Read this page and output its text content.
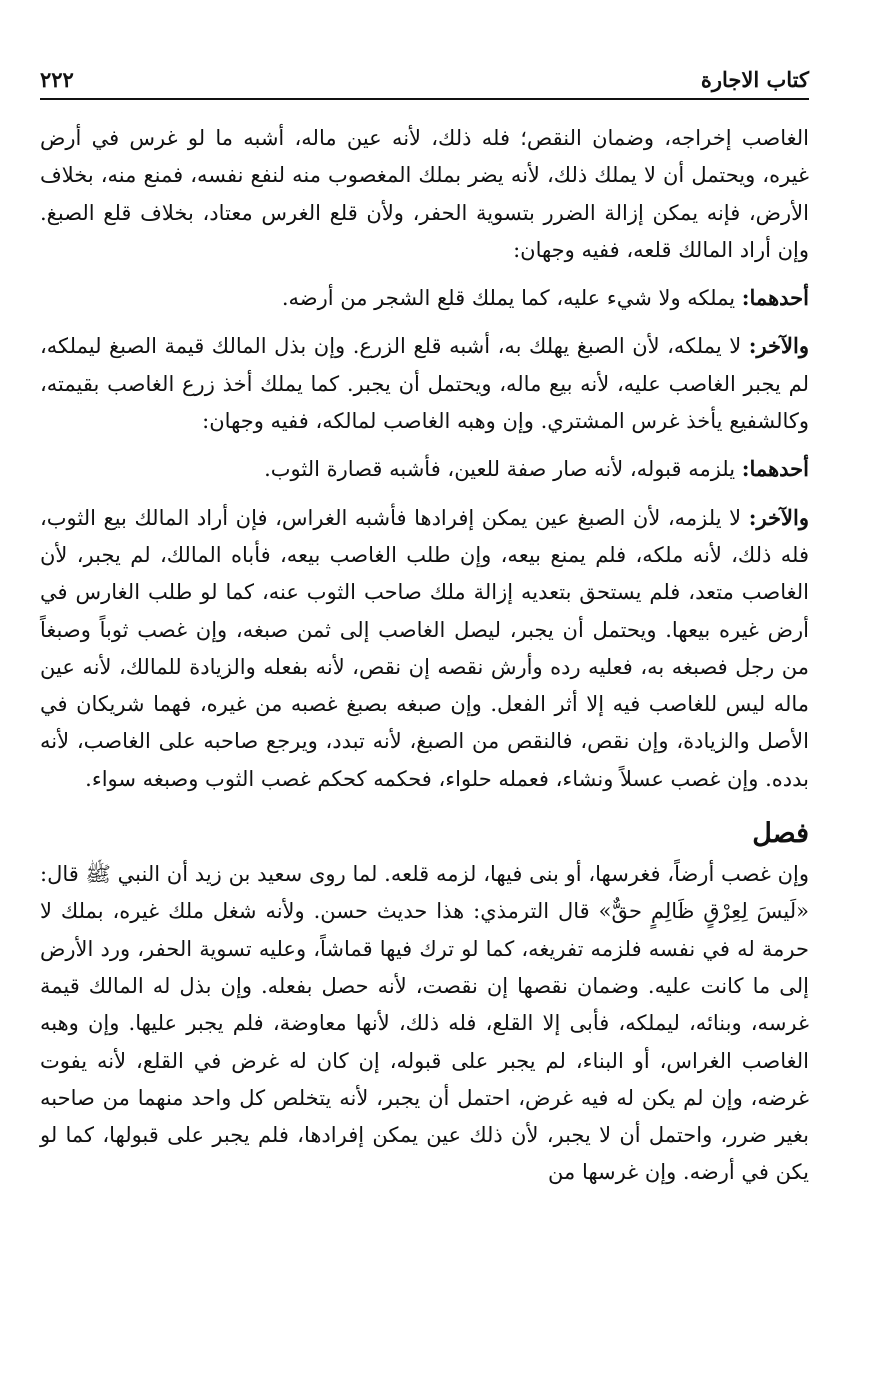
كتاب الاجارة
٢٢٢

الغاصب إخراجه، وضمان النقص؛ فله ذلك، لأنه عين ماله، أشبه ما لو غرس في أرض غيره، ويحتمل أن لا يملك ذلك، لأنه يضر بملك المغصوب منه لنفع نفسه، فمنع منه، بخلاف الأرض، فإنه يمكن إزالة الضرر بتسوية الحفر، ولأن قلع الغرس معتاد، بخلاف قلع الصبغ. وإن أراد المالك قلعه، ففيه وجهان:

أحدهما: يملكه ولا شيء عليه، كما يملك قلع الشجر من أرضه.

والآخر: لا يملكه، لأن الصبغ يهلك به، أشبه قلع الزرع. وإن بذل المالك قيمة الصبغ ليملكه، لم يجبر الغاصب عليه، لأنه بيع ماله، ويحتمل أن يجبر. كما يملك أخذ زرع الغاصب بقيمته، وكالشفيع يأخذ غرس المشتري. وإن وهبه الغاصب لمالكه، ففيه وجهان:

أحدهما: يلزمه قبوله، لأنه صار صفة للعين، فأشبه قصارة الثوب.

والآخر: لا يلزمه، لأن الصبغ عين يمكن إفرادها فأشبه الغراس، فإن أراد المالك بيع الثوب، فله ذلك، لأنه ملكه، فلم يمنع بيعه، وإن طلب الغاصب بيعه، فأباه المالك، لم يجبر، لأن الغاصب متعد، فلم يستحق بتعديه إزالة ملك صاحب الثوب عنه، كما لو طلب الغارس في أرض غيره بيعها. ويحتمل أن يجبر، ليصل الغاصب إلى ثمن صبغه، وإن غصب ثوباً وصبغاً من رجل فصبغه به، فعليه رده وأرش نقصه إن نقص، لأنه بفعله والزيادة للمالك، لأنه عين ماله ليس للغاصب فيه إلا أثر الفعل. وإن صبغه بصبغ غصبه من غيره، فهما شريكان في الأصل والزيادة، وإن نقص، فالنقص من الصبغ، لأنه تبدد، ويرجع صاحبه على الغاصب، لأنه بدده. وإن غصب عسلاً ونشاء، فعمله حلواء، فحكمه كحكم غصب الثوب وصبغه سواء.

فصل

وإن غصب أرضاً، فغرسها، أو بنى فيها، لزمه قلعه. لما روى سعيد بن زيد أن النبي ﷺ قال: «لَيسَ لِعِرْقٍ ظَالِمٍ حقٌّ» قال الترمذي: هذا حديث حسن. ولأنه شغل ملك غيره، بملك لا حرمة له في نفسه فلزمه تفريغه، كما لو ترك فيها قماشاً، وعليه تسوية الحفر، ورد الأرض إلى ما كانت عليه. وضمان نقصها إن نقصت، لأنه حصل بفعله. وإن بذل له المالك قيمة غرسه، وبنائه، ليملكه، فأبى إلا القلع، فله ذلك، لأنها معاوضة، فلم يجبر عليها. وإن وهبه الغاصب الغراس، أو البناء، لم يجبر على قبوله، إن كان له غرض في القلع، لأنه يفوت غرضه، وإن لم يكن له فيه غرض، احتمل أن يجبر، لأنه يتخلص كل واحد منهما من صاحبه بغير ضرر، واحتمل أن لا يجبر، لأن ذلك عين يمكن إفرادها، فلم يجبر على قبولها، كما لو يكن في أرضه. وإن غرسها من
